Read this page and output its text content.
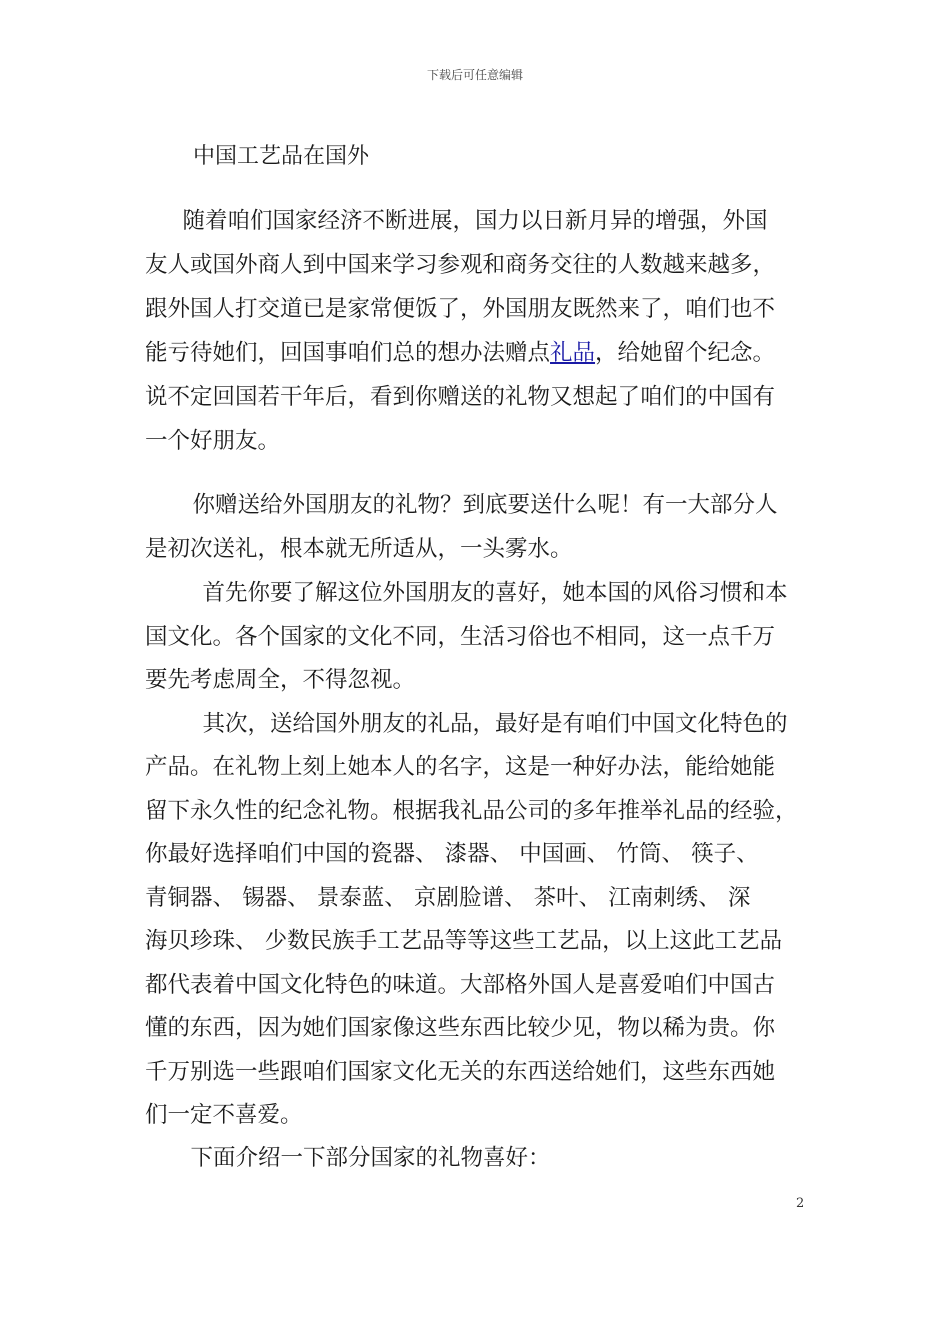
下载后可任意编辑
中国工艺品在国外
　随着咱们国家经济不断进展，国力以日新月异的增强，外国
友人或国外商人到中国来学习参观和商务交往的人数越来越多，
跟外国人打交道已是家常便饭了，外国朋友既然来了，咱们也不
能亏待她们，回国事咱们总的想办法赠点礼品，给她留个纪念。
说不定回国若干年后，看到你赠送的礼物又想起了咱们的中国有
一个好朋友。
　你赠送给外国朋友的礼物？到底要送什么呢！有一大部分人
是初次送礼，根本就无所适从，一头雾水。
　首先你要了解这位外国朋友的喜好，她本国的风俗习惯和本
国文化。各个国家的文化不同，生活习俗也不相同，这一点千万
要先考虑周全，不得忽视。
　其次，送给国外朋友的礼品，最好是有咱们中国文化特色的
产品。在礼物上刻上她本人的名字，这是一种好办法，能给她能
留下永久性的纪念礼物。根据我礼品公司的多年推举礼品的经验，
你最好选择咱们中国的瓷器、 漆器、 中国画、 竹筒、 筷子、
青铜器、 锡器、 景泰蓝、 京剧脸谱、 茶叶、 江南刺绣、 深
海贝珍珠、 少数民族手工艺品等等这些工艺品，以上这此工艺品
都代表着中国文化特色的味道。大部格外国人是喜爱咱们中国古
懂的东西，因为她们国家像这些东西比较少见，物以稀为贵。你
千万别选一些跟咱们国家文化无关的东西送给她们，这些东西她
们一定不喜爱。
　下面介绍一下部分国家的礼物喜好：
2
